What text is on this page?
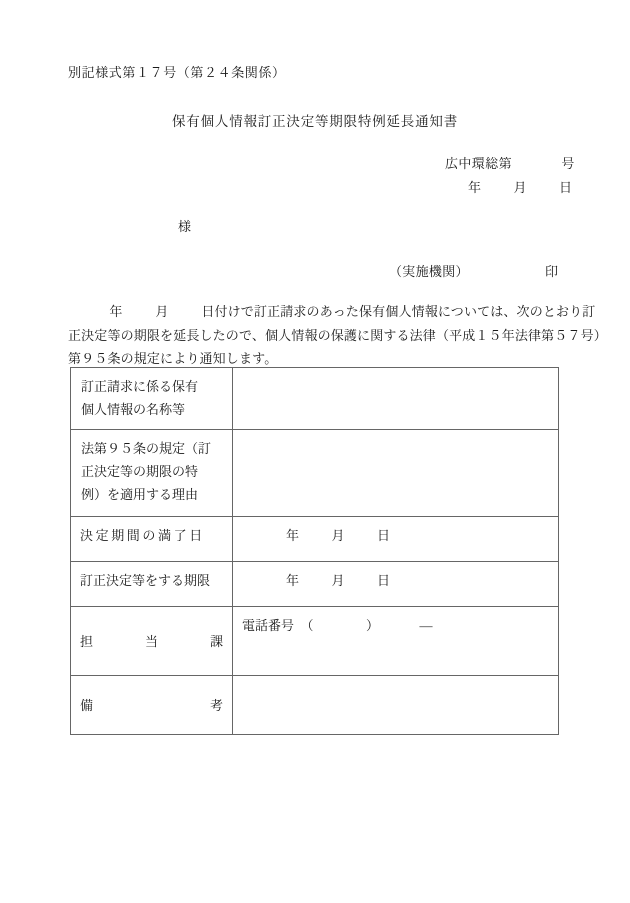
別記様式第１７号（第２４条関係）
保有個人情報訂正決定等期限特例延長通知書
広中環総第	号
年	月	日
様
（実施機関）	印
年	月	日付けで訂正請求のあった保有個人情報については、次のとおり訂
正決定等の期限を延長したので、個人情報の保護に関する法律（平成１５年法律第５７号）
第９５条の規定により通知します。
訂正請求に係る保有
個人情報の名称等	

法第９５条の規定（訂
正決定等の期限の特
例）を適用する理由	

決定期間の満了日	年 月 日

訂正決定等をする期限	年 月 日

担 当 課	電話番号　（ ） ―

備 考	
